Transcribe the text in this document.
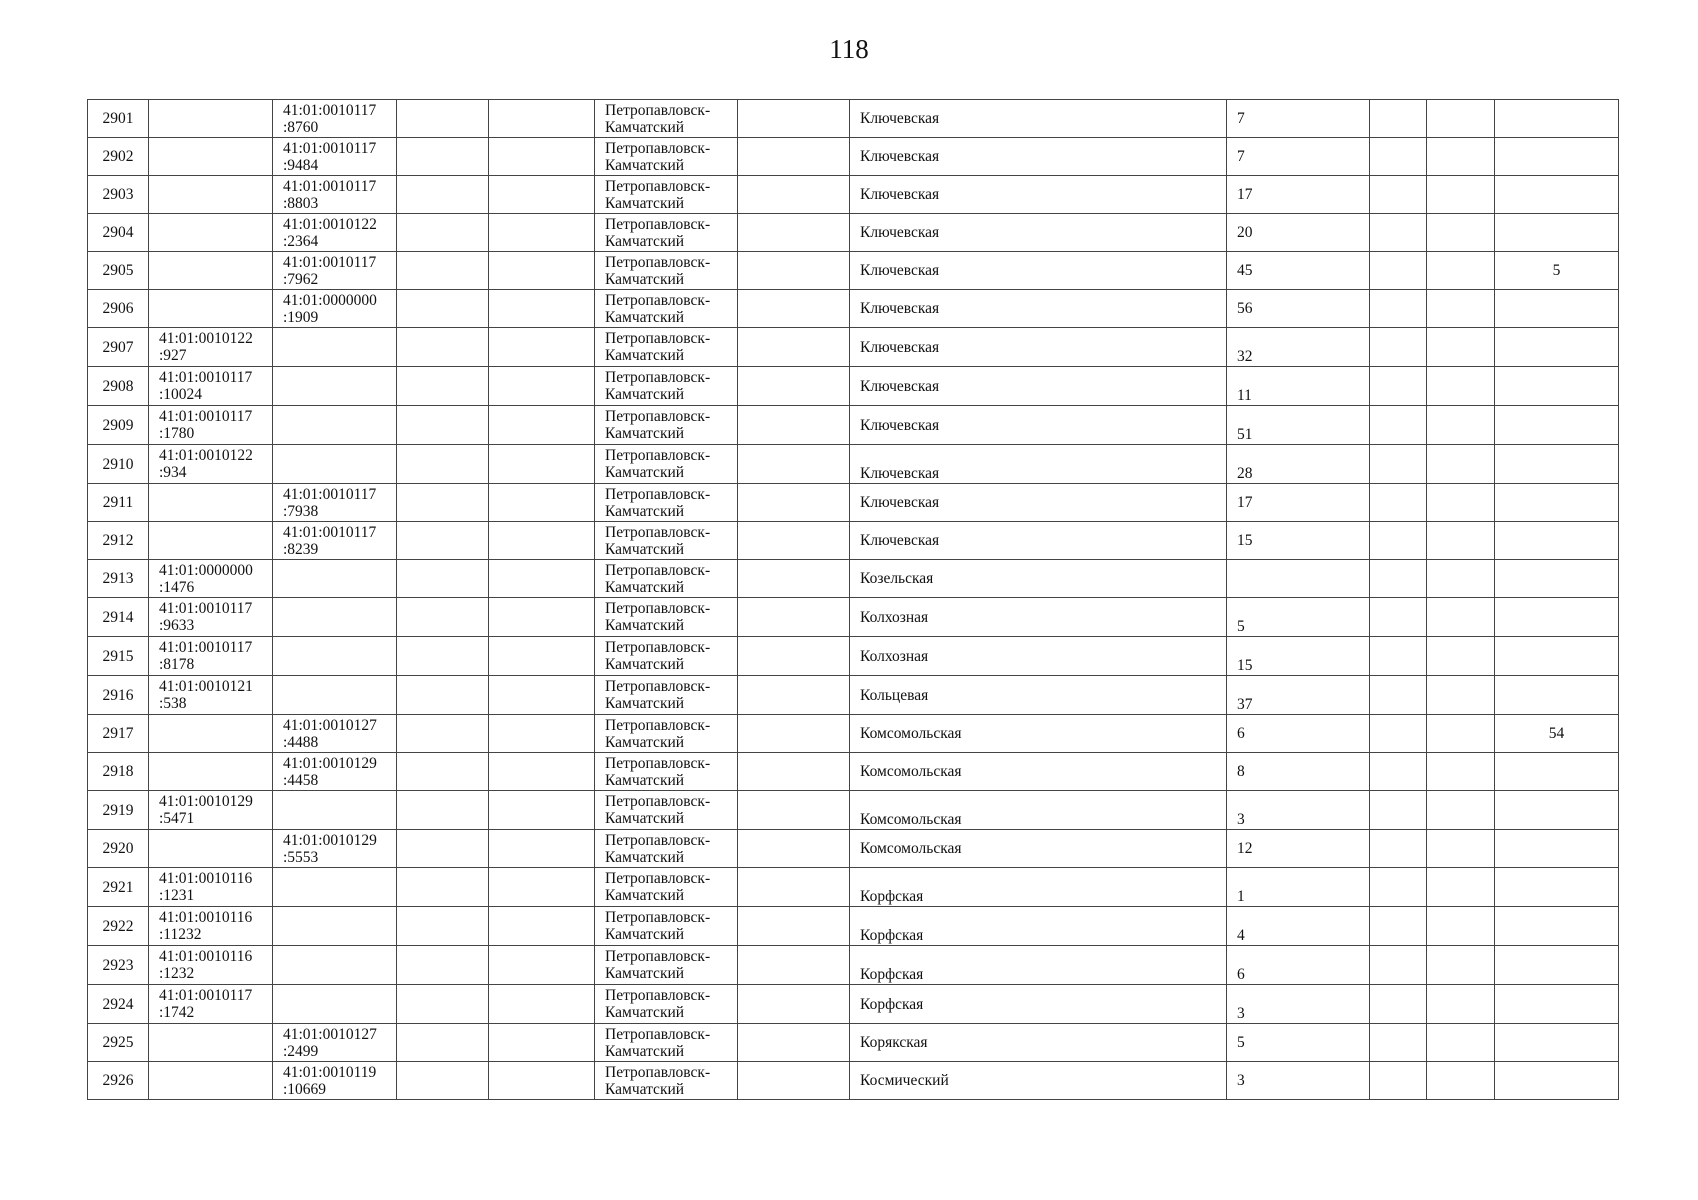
118
2901		41:01:0010117
:8760			Петропавловск-
Камчатский		Ключевская	7			
2902		41:01:0010117
:9484			Петропавловск-
Камчатский		Ключевская	7			
2903		41:01:0010117
:8803			Петропавловск-
Камчатский		Ключевская	17			
2904		41:01:0010122
:2364			Петропавловск-
Камчатский		Ключевская	20			
2905		41:01:0010117
:7962			Петропавловск-
Камчатский		Ключевская	45			5
2906		41:01:0000000
:1909			Петропавловск-
Камчатский		Ключевская	56			
2907	41:01:0010122
:927				Петропавловск-
Камчатский		Ключевская	32			
2908	41:01:0010117
:10024				Петропавловск-
Камчатский		Ключевская	11			
2909	41:01:0010117
:1780				Петропавловск-
Камчатский		Ключевская	51			
2910	41:01:0010122
:934				Петропавловск-
Камчатский		Ключевская	28			
2911		41:01:0010117
:7938			Петропавловск-
Камчатский		Ключевская	17			
2912		41:01:0010117
:8239			Петропавловск-
Камчатский		Ключевская	15			
2913	41:01:0000000
:1476				Петропавловск-
Камчатский		Козельская				
2914	41:01:0010117
:9633				Петропавловск-
Камчатский		Колхозная	5			
2915	41:01:0010117
:8178				Петропавловск-
Камчатский		Колхозная	15			
2916	41:01:0010121
:538				Петропавловск-
Камчатский		Кольцевая	37			
2917		41:01:0010127
:4488			Петропавловск-
Камчатский		Комсомольская	6			54
2918		41:01:0010129
:4458			Петропавловск-
Камчатский		Комсомольская	8			
2919	41:01:0010129
:5471				Петропавловск-
Камчатский		Комсомольская	3			
2920		41:01:0010129
:5553			Петропавловск-
Камчатский		Комсомольская	12			
2921	41:01:0010116
:1231				Петропавловск-
Камчатский		Корфская	1			
2922	41:01:0010116
:11232				Петропавловск-
Камчатский		Корфская	4			
2923	41:01:0010116
:1232				Петропавловск-
Камчатский		Корфская	6			
2924	41:01:0010117
:1742				Петропавловск-
Камчатский		Корфская	3			
2925		41:01:0010127
:2499			Петропавловск-
Камчатский		Корякская	5			
2926		41:01:0010119
:10669			Петропавловск-
Камчатский		Космический	3			
